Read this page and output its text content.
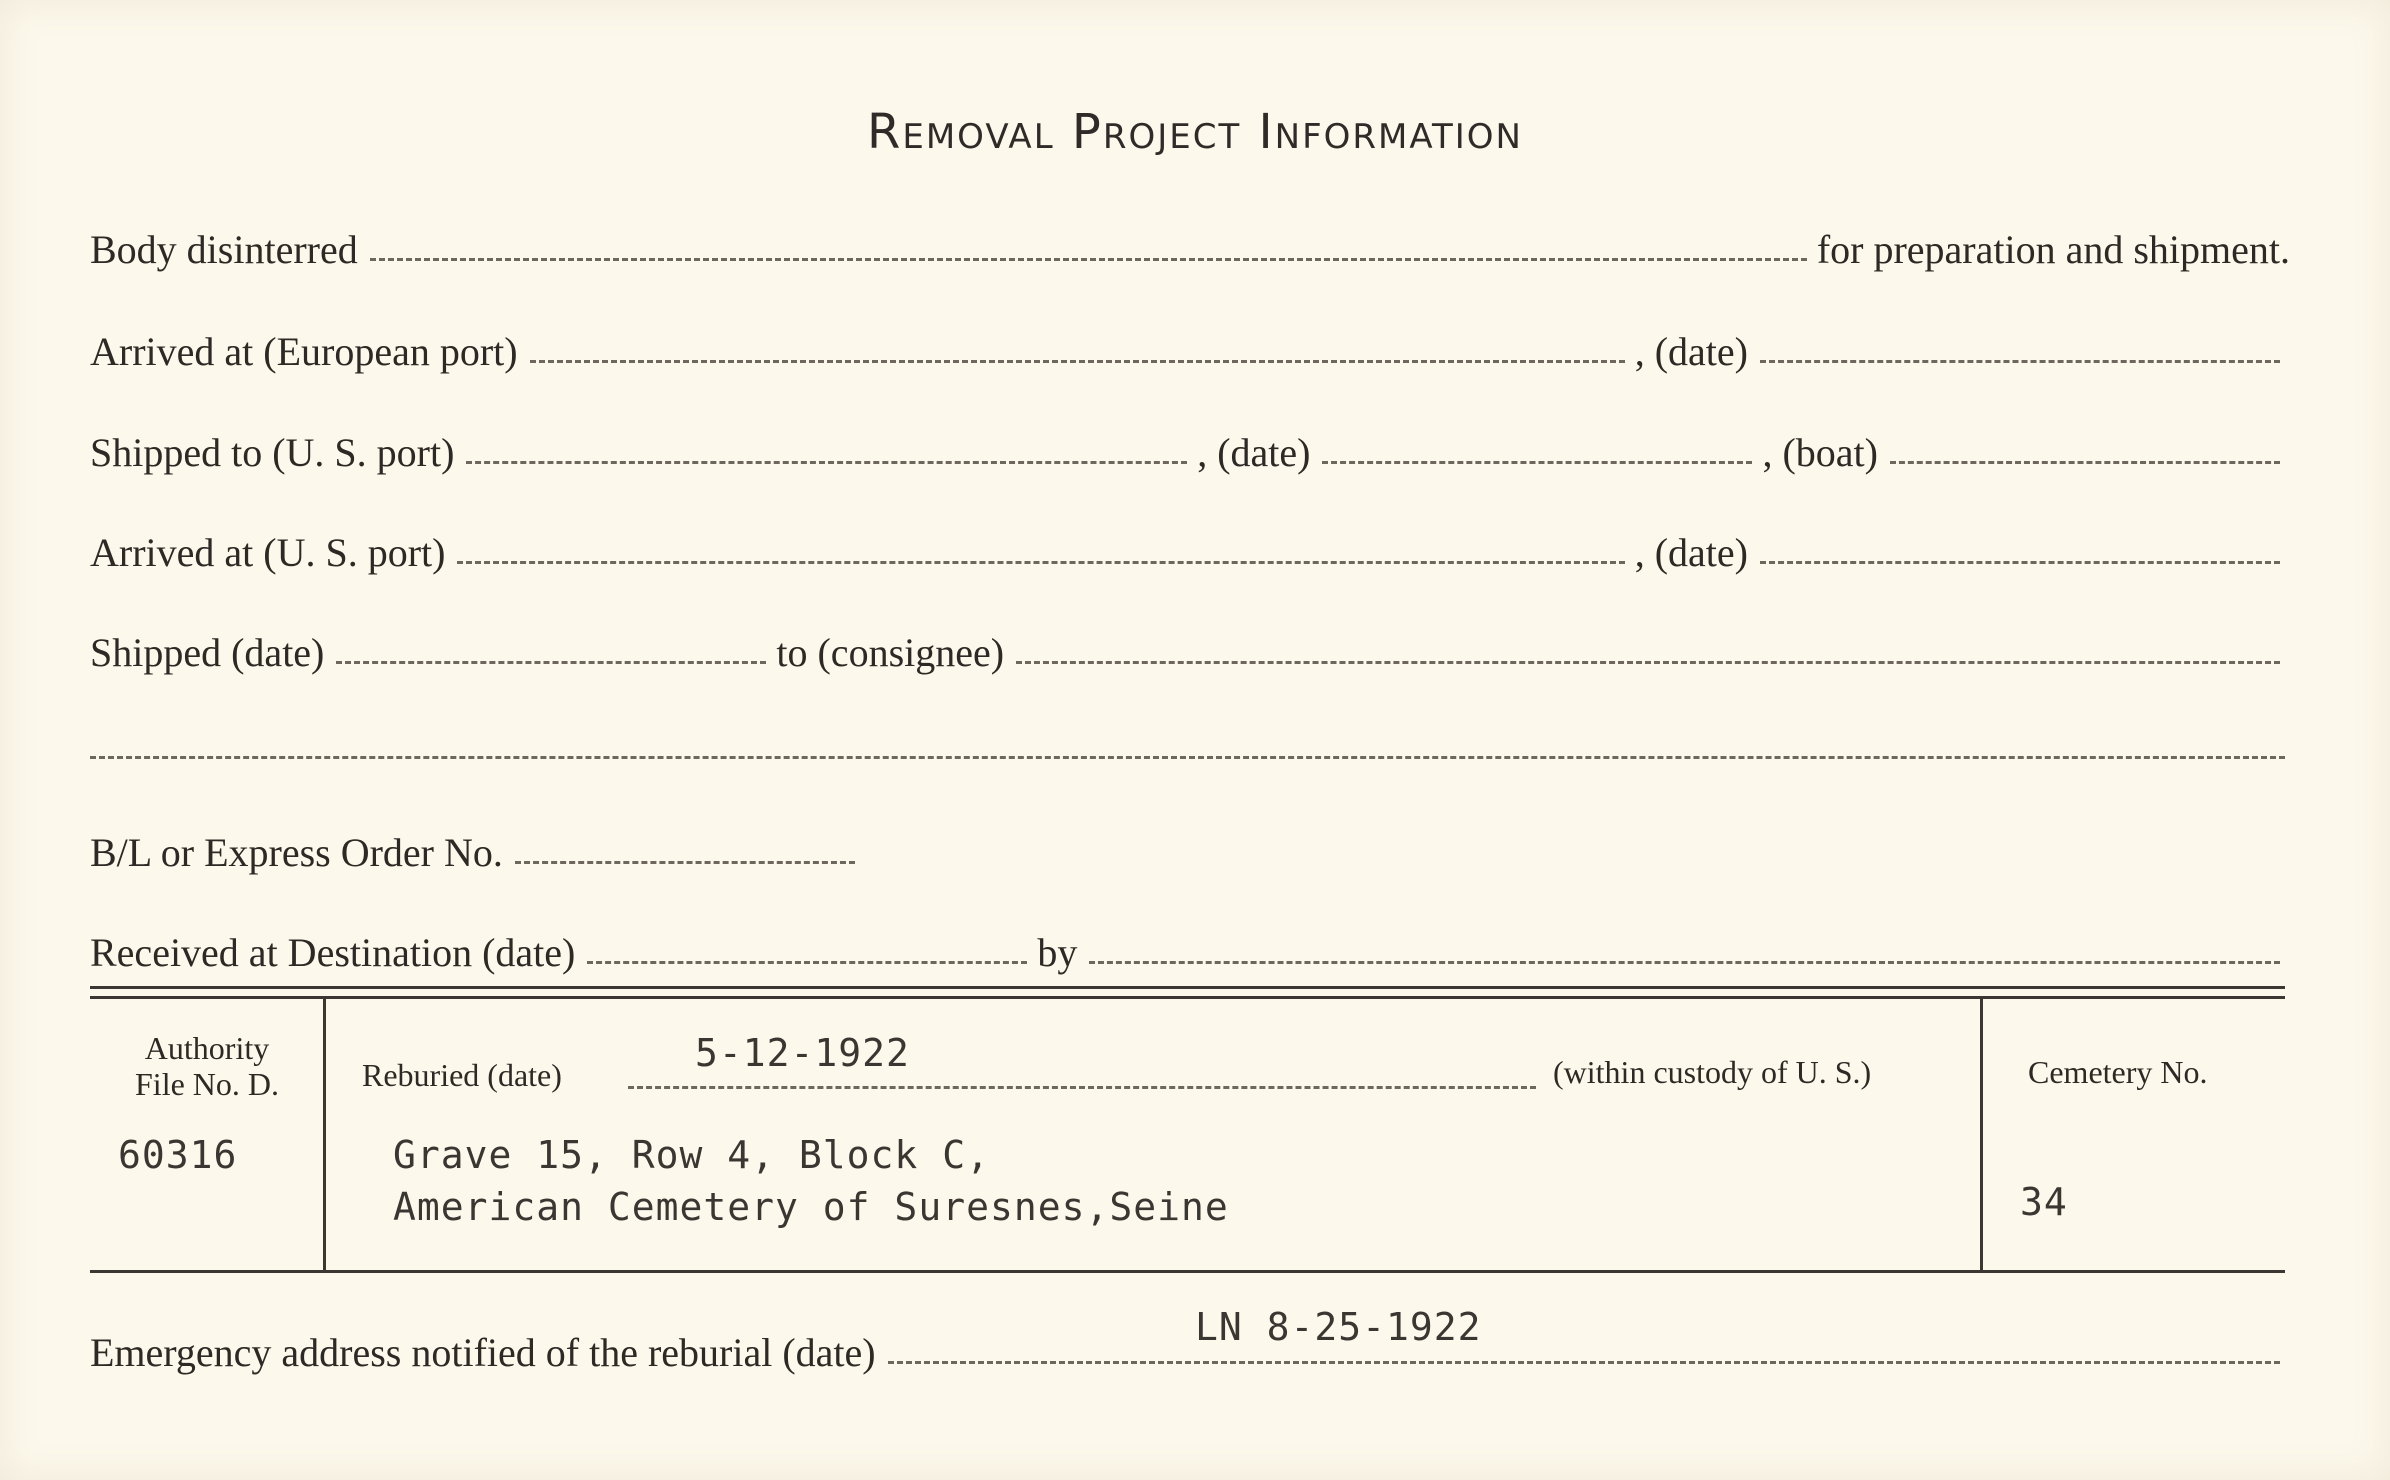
Removal Project Information
Body disinterred	for preparation and shipment.
Arrived at (European port)	, (date)
Shipped to (U. S. port)	, (date)	, (boat)
Arrived at (U. S. port)	, (date)
Shipped (date)	to (consignee)
B/L or Express Order No.
Received at Destination (date)	by
Authority
File No. D.
60316
Reburied (date)	5-12-1922	(within custody of U. S.)
Grave 15, Row 4, Block C,
American Cemetery of Suresnes,Seine
Cemetery No.
34
Emergency address notified of the reburial (date)
LN 8-25-1922
